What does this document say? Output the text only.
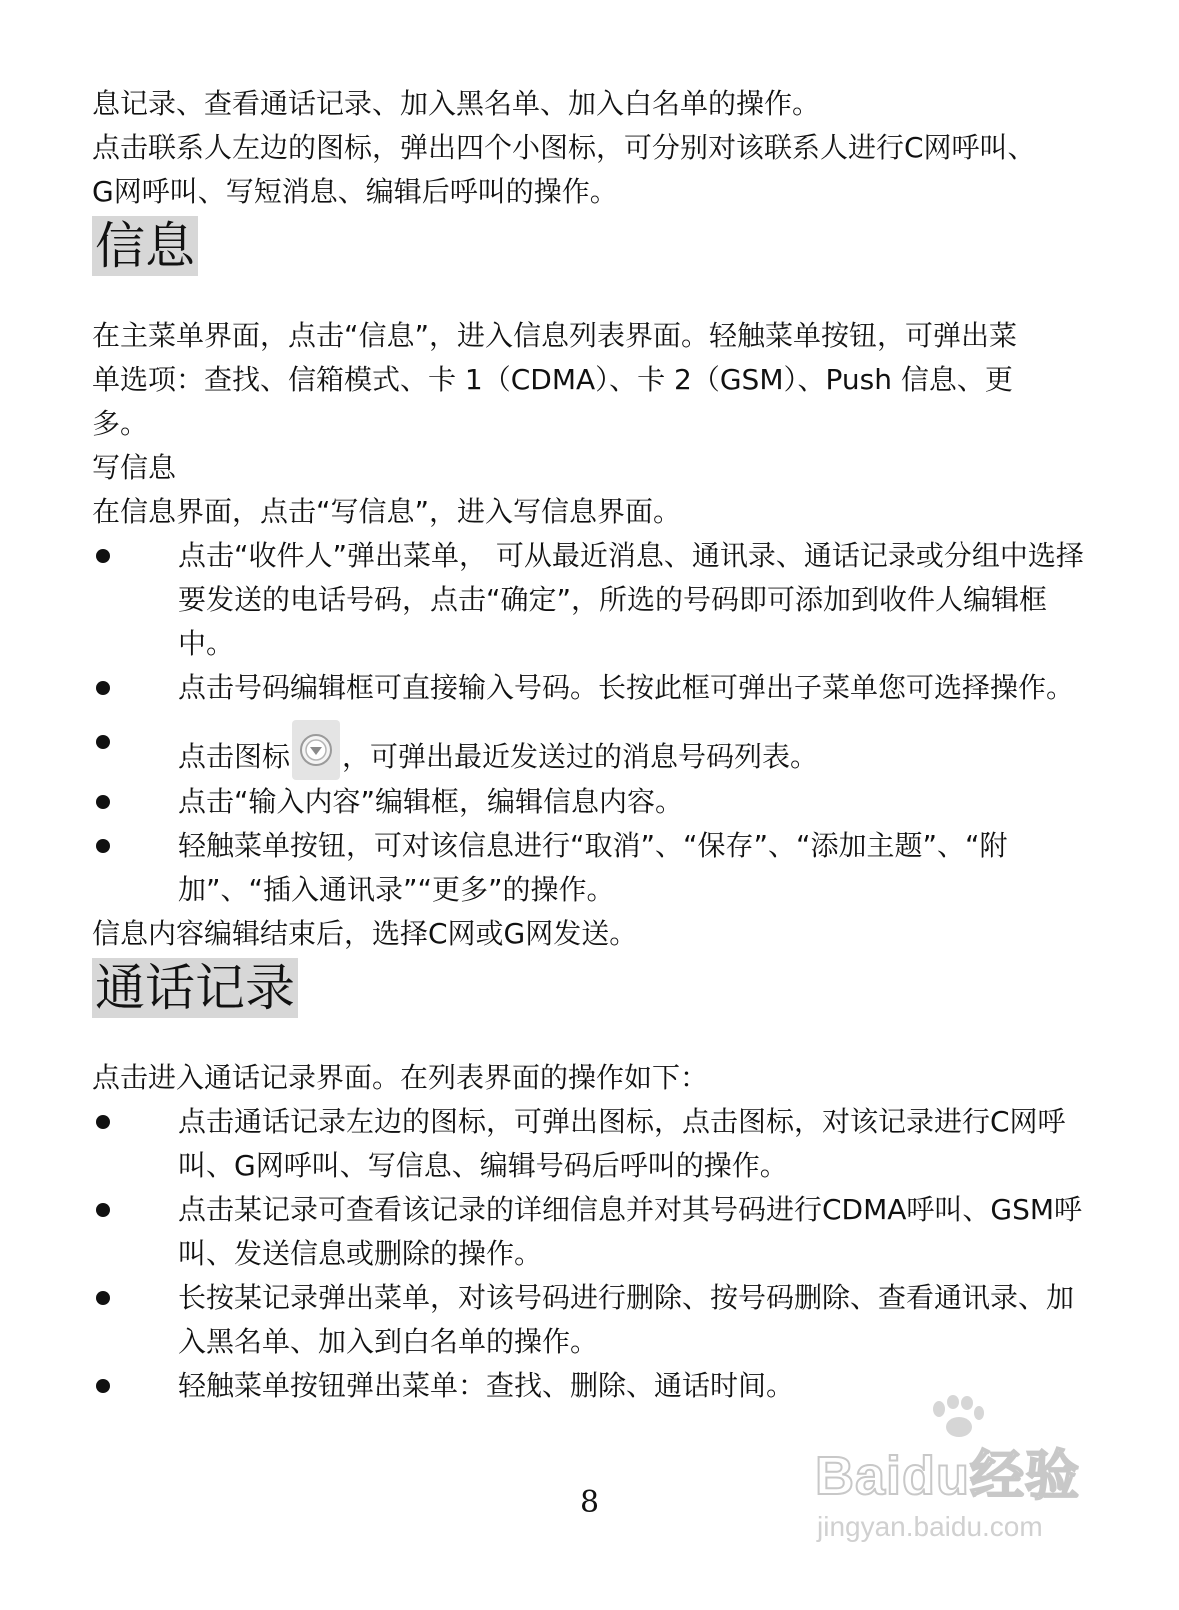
息记录、查看通话记录、加入黑名单、加入白名单的操作。

点击联系人左边的图标，弹出四个小图标，可分别对该联系人进行C网呼叫、

G网呼叫、写短消息、编辑后呼叫的操作。

信息

在主菜单界面，点击“信息”，进入信息列表界面。轻触菜单按钮，可弹出菜

单选项：查找、信箱模式、卡 1（CDMA）、卡 2（GSM）、Push 信息、更

多。

写信息

在信息界面，点击“写信息”，进入写信息界面。

点击“收件人”弹出菜单， 可从最近消息、通讯录、通话记录或分组中选择要发送的电话号码，点击“确定”，所选的号码即可添加到收件人编辑框中。
点击号码编辑框可直接输入号码。长按此框可弹出子菜单您可选择操作。
点击图标 ，可弹出最近发送过的消息号码列表。
点击“输入内容”编辑框，编辑信息内容。
轻触菜单按钮，可对该信息进行“取消”、“保存”、“添加主题”、“附加”、“插入通讯录”“更多”的操作。

信息内容编辑结束后，选择C网或G网发送。

通话记录

点击进入通话记录界面。在列表界面的操作如下：

点击通话记录左边的图标，可弹出图标，点击图标，对该记录进行C网呼叫、G网呼叫、写信息、编辑号码后呼叫的操作。
点击某记录可查看该记录的详细信息并对其号码进行CDMA呼叫、GSM呼叫、发送信息或删除的操作。
长按某记录弹出菜单，对该号码进行删除、按号码删除、查看通讯录、加入黑名单、加入到白名单的操作。
轻触菜单按钮弹出菜单：查找、删除、通话时间。
Baidu经验
jingyan.baidu.com
8
